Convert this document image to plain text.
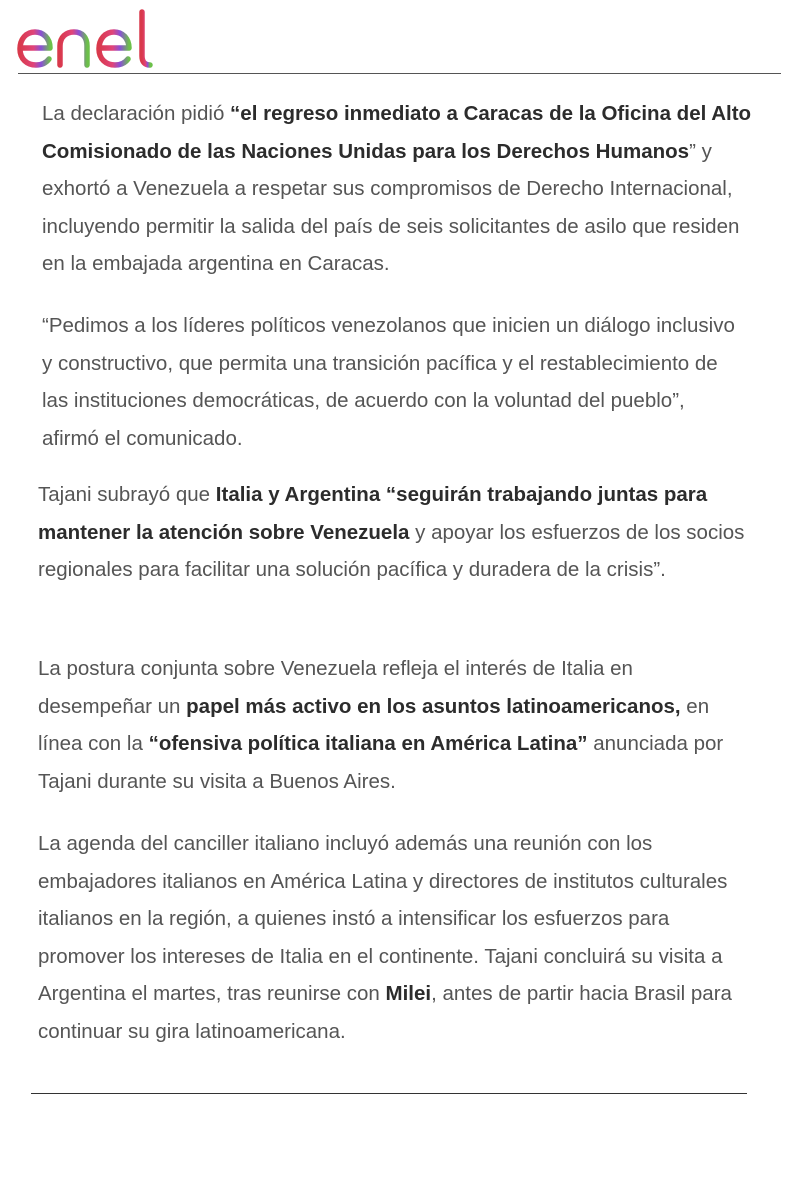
La declaración pidió “el regreso inmediato a Caracas de la Oficina del Alto Comisionado de las Naciones Unidas para los Derechos Humanos” y exhortó a Venezuela a respetar sus compromisos de Derecho Internacional, incluyendo permitir la salida del país de seis solicitantes de asilo que residen en la embajada argentina en Caracas.

“Pedimos a los líderes políticos venezolanos que inicien un diálogo inclusivo y constructivo, que permita una transición pacífica y el restablecimiento de las instituciones democráticas, de acuerdo con la voluntad del pueblo”, afirmó el comunicado.

Tajani subrayó que Italia y Argentina “seguirán trabajando juntas para mantener la atención sobre Venezuela y apoyar los esfuerzos de los socios regionales para facilitar una solución pacífica y duradera de la crisis”.

La postura conjunta sobre Venezuela refleja el interés de Italia en desempeñar un papel más activo en los asuntos latinoamericanos, en línea con la “ofensiva política italiana en América Latina” anunciada por Tajani durante su visita a Buenos Aires.

La agenda del canciller italiano incluyó además una reunión con los embajadores italianos en América Latina y directores de institutos culturales italianos en la región, a quienes instó a intensificar los esfuerzos para promover los intereses de Italia en el continente. Tajani concluirá su visita a Argentina el martes, tras reunirse con Milei, antes de partir hacia Brasil para continuar su gira latinoamericana.
